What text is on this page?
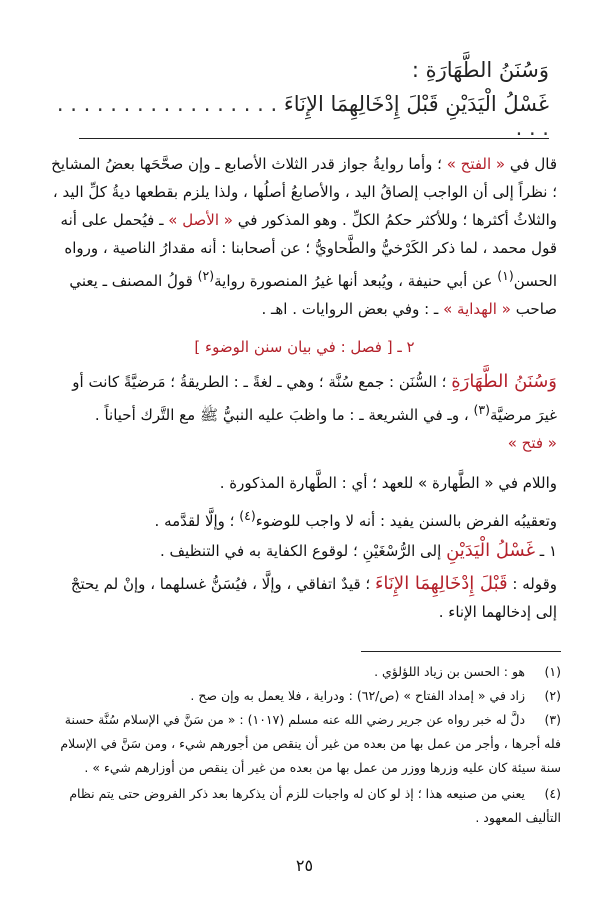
وَسُنَنُ الطَّهَارَةِ :
غَسْلُ الْيَدَيْنِ قَبْلَ إِدْخَالِهِمَا الإِنَاءَ . . . . . . . . . . . . . . . . . . . .
قال في « الفتح » ؛ وأما روايةُ جواز قدر الثلاث الأصابع ـ وإن صحَّحَها بعضُ المشايخ ؛ نظراً إلى أن الواجب إلصاقُ اليد ، والأصابعُ أصلُها ، ولذا يلزم بقطعها ديةُ كلِّ اليد ، والثلاثُ أكثرها ؛ وللأكثر حكمُ الكلِّ . وهو المذكور في « الأصل » ـ فيُحمل على أنه قول محمد ، لما ذكر الكَرْخيُّ والطَّحاويُّ ؛ عن أصحابنا : أنه مقدارُ الناصية ، ورواه الحسن$^{(١)}$ عن أبي حنيفة ، ويُبعد أنها غيرُ المنصورة رواية$^{(٢)}$ قولُ المصنف ـ يعني صاحب « الهداية » ـ : وفي بعض الروايات . اهـ .
٢ ـ [ فصل : في بيان سنن الوضوء ]
وَسُنَنُ الطَّهَارَةِ ؛ السُّنَن : جمع سُنَّة ؛ وهي ـ لغةً ـ : الطريقةُ ؛ مَرضيَّةً كانت أو غيرَ مرضيَّة$^{(٣)}$ ، وـ في الشريعة ـ : ما واظبَ عليه النبيُّ ﷺ مع التَّرك أحياناً .
« فتح »
واللام في « الطَّهارة » للعهد ؛ أي : الطَّهارة المذكورة .
وتعقيبُه الفرض بالسنن يفيد : أنه لا واجب للوضوء$^{(٤)}$ ؛ وإلَّا لقدَّمه .
١ ـ غَسْلُ الْيَدَيْنِ إلى الرُّسْغَيْنِ ؛ لوقوع الكفاية به في التنظيف .
وقوله : قَبْلَ إِدْخَالِهِمَا الإِنَاءَ ؛ قيدٌ اتفاقي ، وإلَّا ، فيُسَنُّ غسلهما ، وإنْ لم يحتجْ إلى إدخالهما الإناء .
(١) هو : الحسن بن زياد اللؤلؤي .
(٢) زاد في « إمداد الفتاح » (ص/٦٢) : ودراية ، فلا يعمل به وإن صح .
(٣) دلَّ له خبر رواه عن جرير رضي الله عنه مسلم (١٠١٧) : « من سَنَّ في الإسلام سُنَّة حسنة فله أجرها ، وأجر من عمل بها من بعده من غير أن ينقص من أجورهم شيء ، ومن سَنَّ في الإسلام سنة سيئة كان عليه وزرها ووزر من عمل بها من بعده من غير أن ينقص من أوزارهم شيء » .
(٤) يعني من صنيعه هذا ؛ إذ لو كان له واجبات للزم أن يذكرها بعد ذكر الفروض حتى يتم نظام التأليف المعهود .
٢٥
